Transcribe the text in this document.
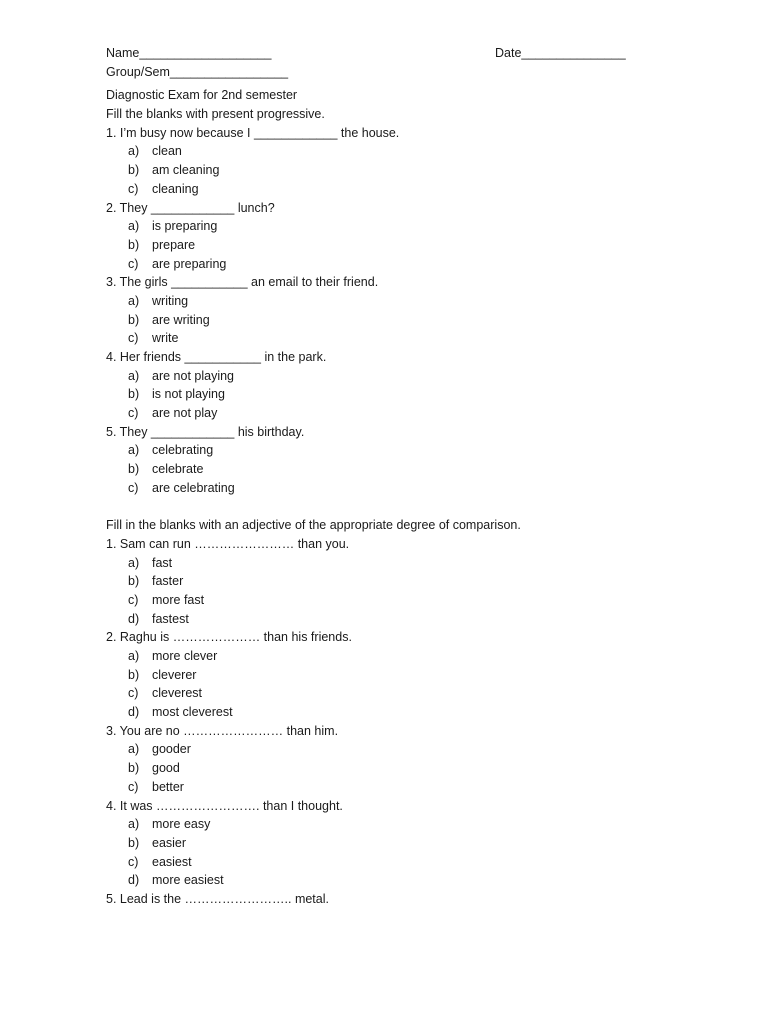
Name___________________	Date_______________
Group/Sem_________________
Diagnostic Exam for 2nd semester
Fill the blanks with present progressive.
1. I’m busy now because I ____________ the house.
a) clean
b) am cleaning
c) cleaning
2. They ____________ lunch?
a) is preparing
b) prepare
c) are preparing
3. The girls ___________ an email to their friend.
a) writing
b) are writing
c) write
4. Her friends ___________ in the park.
a) are not playing
b) is not playing
c) are not play
5. They ____________ his birthday.
a) celebrating
b) celebrate
c) are celebrating
Fill in the blanks with an adjective of the appropriate degree of comparison.
1. Sam can run …………………… than you.
a) fast
b) faster
c) more fast
d) fastest
2. Raghu is ………………… than his friends.
a) more clever
b) cleverer
c) cleverest
d) most cleverest
3. You are no …………………… than him.
a) gooder
b) good
c) better
4. It was ……………………. than I thought.
a) more easy
b) easier
c) easiest
d) more easiest
5. Lead is the …………………….. metal.
